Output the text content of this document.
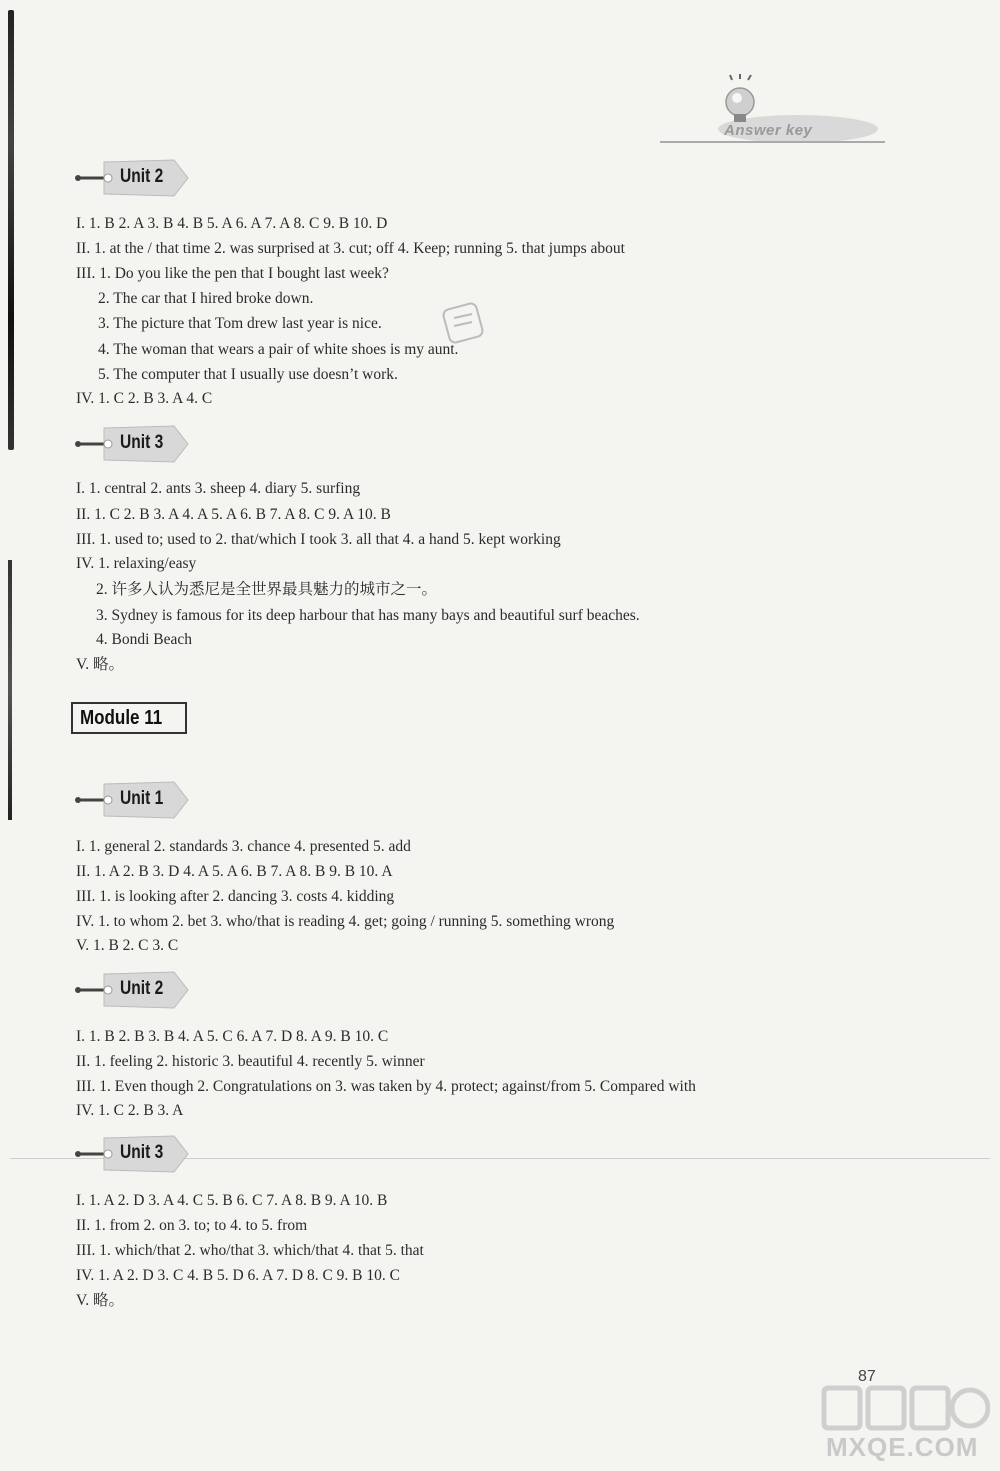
Answer key
Unit 2
I. 1. B 2. A 3. B 4. B 5. A 6. A 7. A 8. C 9. B 10. D
II. 1. at the / that time 2. was surprised at 3. cut; off 4. Keep; running 5. that jumps about
III. 1. Do you like the pen that I bought last week?
2. The car that I hired broke down.
3. The picture that Tom drew last year is nice.
4. The woman that wears a pair of white shoes is my aunt.
5. The computer that I usually use doesn’t work.
IV. 1. C 2. B 3. A 4. C
Unit 3
I. 1. central 2. ants 3. sheep 4. diary 5. surfing
II. 1. C 2. B 3. A 4. A 5. A 6. B 7. A 8. C 9. A 10. B
III. 1. used to; used to 2. that/which I took 3. all that 4. a hand 5. kept working
IV. 1. relaxing/easy
2. 许多人认为悉尼是全世界最具魅力的城市之一。
3. Sydney is famous for its deep harbour that has many bays and beautiful surf beaches.
4. Bondi Beach
V. 略。
Module 11
Unit 1
I. 1. general 2. standards 3. chance 4. presented 5. add
II. 1. A 2. B 3. D 4. A 5. A 6. B 7. A 8. B 9. B 10. A
III. 1. is looking after 2. dancing 3. costs 4. kidding
IV. 1. to whom 2. bet 3. who/that is reading 4. get; going / running 5. something wrong
V. 1. B 2. C 3. C
Unit 2
I. 1. B 2. B 3. B 4. A 5. C 6. A 7. D 8. A 9. B 10. C
II. 1. feeling 2. historic 3. beautiful 4. recently 5. winner
III. 1. Even though 2. Congratulations on 3. was taken by 4. protect; against/from 5. Compared with
IV. 1. C 2. B 3. A
Unit 3
I. 1. A 2. D 3. A 4. C 5. B 6. C 7. A 8. B 9. A 10. B
II. 1. from 2. on 3. to; to 4. to 5. from
III. 1. which/that 2. who/that 3. which/that 4. that 5. that
IV. 1. A 2. D 3. C 4. B 5. D 6. A 7. D 8. C 9. B 10. C
V. 略。
87
MXQE.COM
